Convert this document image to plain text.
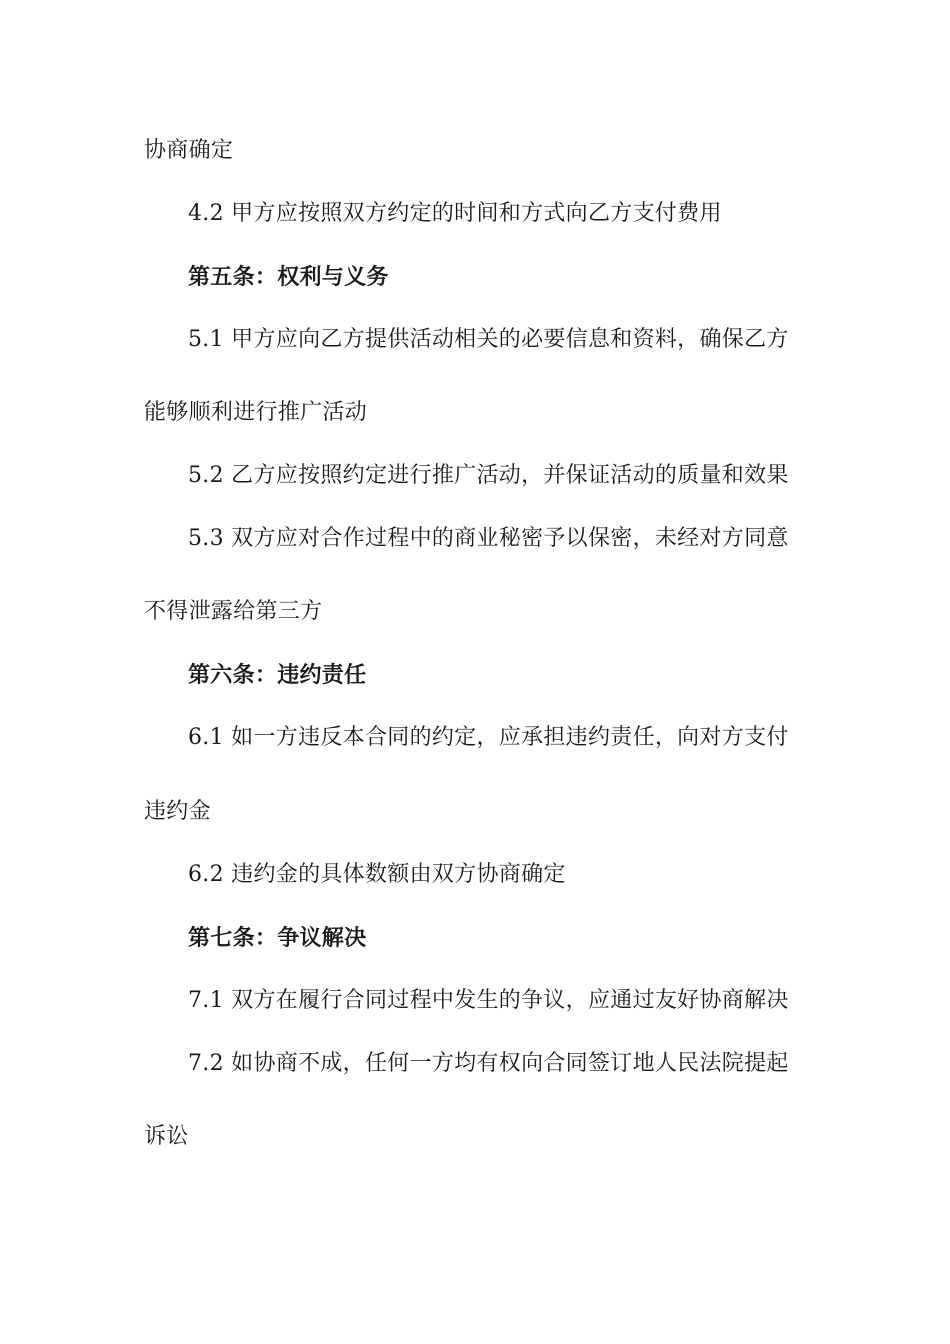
协商确定
4.2 甲方应按照双方约定的时间和方式向乙方支付费用
第五条：权利与义务
5.1 甲方应向乙方提供活动相关的必要信息和资料，确保乙方
能够顺利进行推广活动
5.2 乙方应按照约定进行推广活动，并保证活动的质量和效果
5.3 双方应对合作过程中的商业秘密予以保密，未经对方同意
不得泄露给第三方
第六条：违约责任
6.1 如一方违反本合同的约定，应承担违约责任，向对方支付
违约金
6.2 违约金的具体数额由双方协商确定
第七条：争议解决
7.1 双方在履行合同过程中发生的争议，应通过友好协商解决
7.2 如协商不成，任何一方均有权向合同签订地人民法院提起
诉讼
